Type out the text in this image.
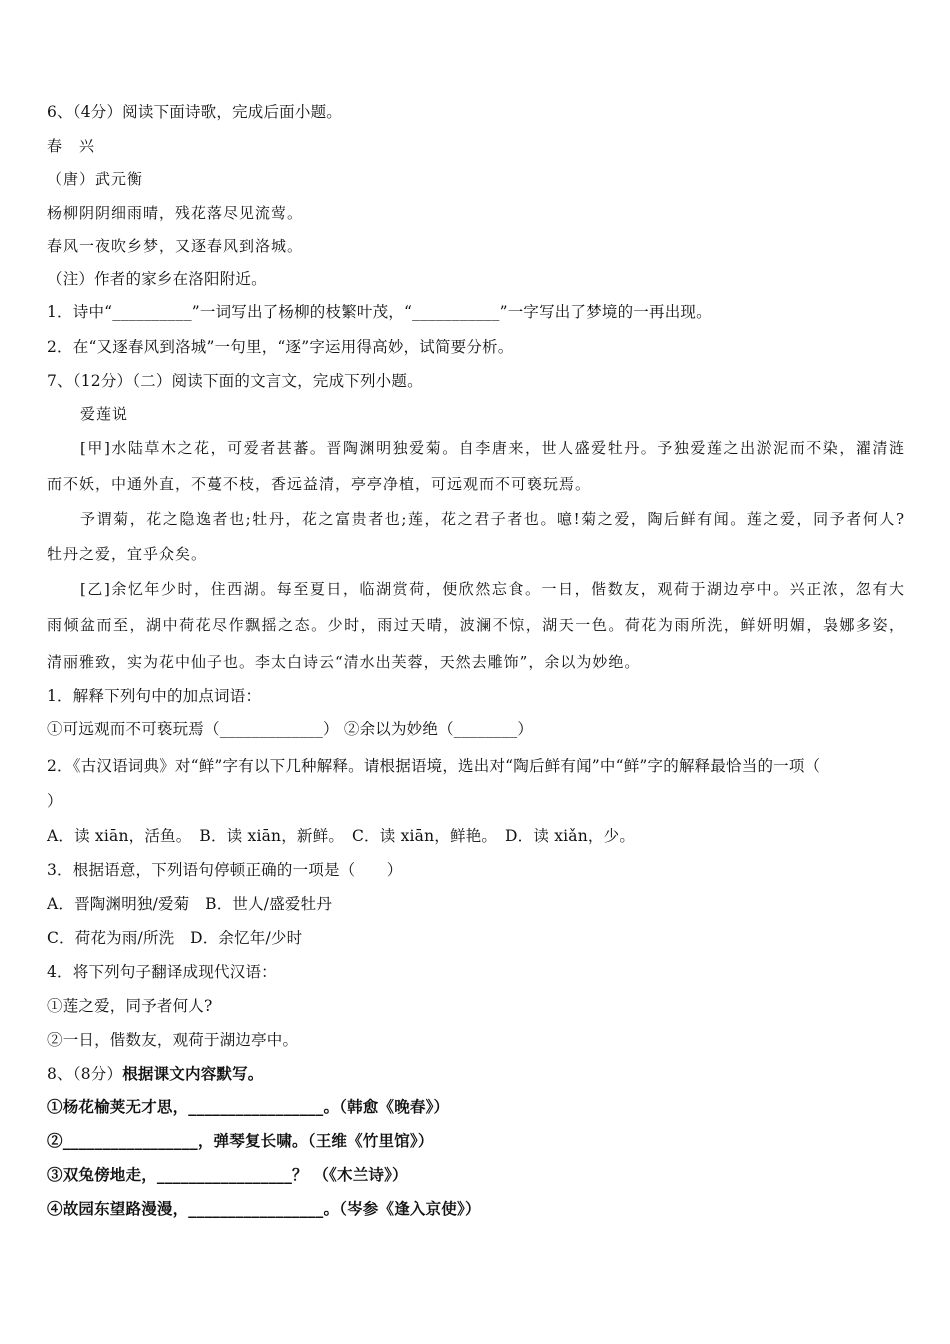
6、（4分）阅读下面诗歌，完成后面小题。
春　兴
（唐）武元衡
杨柳阴阴细雨晴，残花落尽见流莺。
春风一夜吹乡梦，又逐春风到洛城。
（注）作者的家乡在洛阳附近。
1．诗中“__________”一词写出了杨柳的枝繁叶茂，“___________”一字写出了梦境的一再出现。
2．在“又逐春风到洛城”一句里，“逐”字运用得高妙，试简要分析。
7、（12分）（二）阅读下面的文言文，完成下列小题。
爱莲说
[甲]水陆草木之花，可爱者甚蕃。晋陶渊明独爱菊。自李唐来，世人盛爱牡丹。予独爱莲之出淤泥而不染，濯清涟
而不妖，中通外直，不蔓不枝，香远益清，亭亭净植，可远观而不可亵玩焉。
予谓菊，花之隐逸者也;牡丹，花之富贵者也;莲，花之君子者也。噫!菊之爱，陶后鲜有闻。莲之爱，同予者何人?
牡丹之爱，宜乎众矣。
[乙]余忆年少时，住西湖。每至夏日，临湖赏荷，便欣然忘食。一日，偕数友，观荷于湖边亭中。兴正浓，忽有大
雨倾盆而至，湖中荷花尽作飘摇之态。少时，雨过天晴，波澜不惊，湖天一色。荷花为雨所洗，鲜妍明媚，袅娜多姿，
清丽雅致，实为花中仙子也。李太白诗云“清水出芙蓉，天然去雕饰”，余以为妙绝。
1．解释下列句中的加点词语：
①可远观而不可亵玩焉（_____________） ②余以为妙绝（________）
2．《古汉语词典》对“鲜”字有以下几种解释。请根据语境，选出对“陶后鲜有闻”中“鲜”字的解释最恰当的一项（
）
A．读 xiān，活鱼。　B．读 xiān，新鲜。　C．读 xiān，鲜艳。　D．读 xiǎn，少。
3．根据语意，下列语句停顿正确的一项是（　　）
A．晋陶渊明独/爱菊　B．世人/盛爱牡丹
C．荷花为雨/所洗　D．余忆年/少时
4．将下列句子翻译成现代汉语：
①莲之爱，同予者何人?
②一日，偕数友，观荷于湖边亭中。
8、（8分）根据课文内容默写。
①杨花榆荚无才思，_________________。（韩愈《晚春》）
②_________________，弹琴复长啸。（王维《竹里馆》）
③双兔傍地走，_________________？ （《木兰诗》）
④故园东望路漫漫，_________________。（岑参《逢入京使》）
